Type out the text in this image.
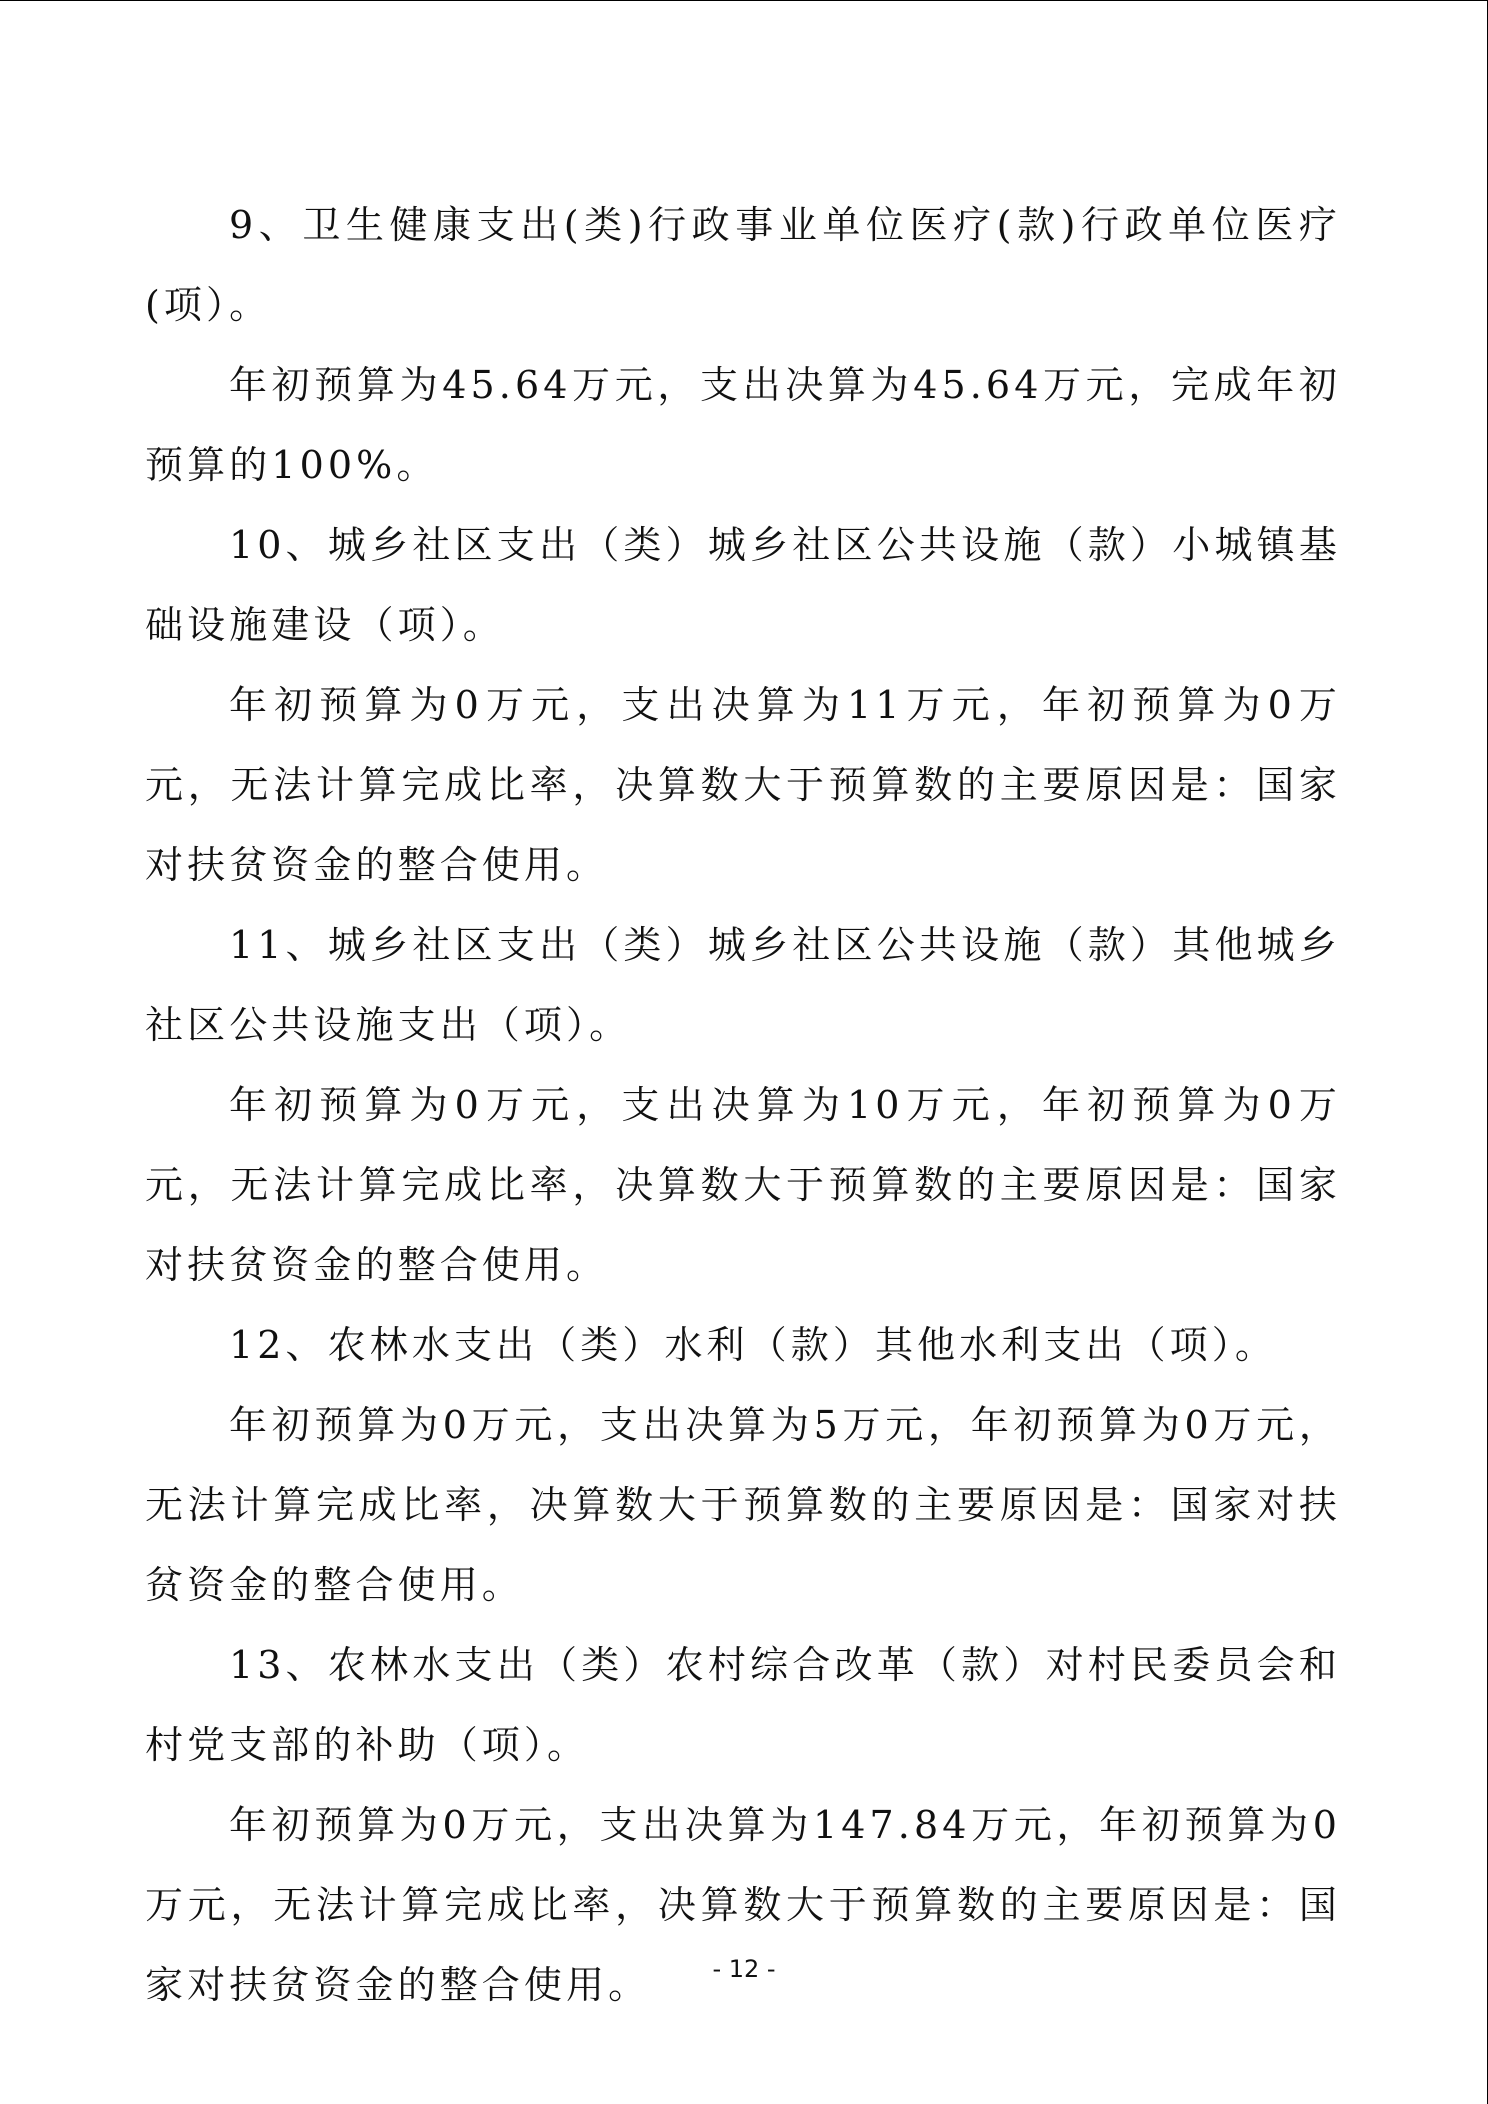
9、卫生健康支出(类)行政事业单位医疗(款)行政单位医疗(项）。

年初预算为45.64万元，支出决算为45.64万元，完成年初预算的100%。

10、城乡社区支出（类）城乡社区公共设施（款）小城镇基础设施建设（项）。

年初预算为0万元，支出决算为11万元，年初预算为0万元，无法计算完成比率，决算数大于预算数的主要原因是：国家对扶贫资金的整合使用。

11、城乡社区支出（类）城乡社区公共设施（款）其他城乡社区公共设施支出（项）。

年初预算为0万元，支出决算为10万元，年初预算为0万元，无法计算完成比率，决算数大于预算数的主要原因是：国家对扶贫资金的整合使用。

12、农林水支出（类）水利（款）其他水利支出（项）。

年初预算为0万元，支出决算为5万元，年初预算为0万元，无法计算完成比率，决算数大于预算数的主要原因是：国家对扶贫资金的整合使用。

13、农林水支出（类）农村综合改革（款）对村民委员会和村党支部的补助（项）。

年初预算为0万元，支出决算为147.84万元，年初预算为0万元，无法计算完成比率，决算数大于预算数的主要原因是：国家对扶贫资金的整合使用。	- 12 -
